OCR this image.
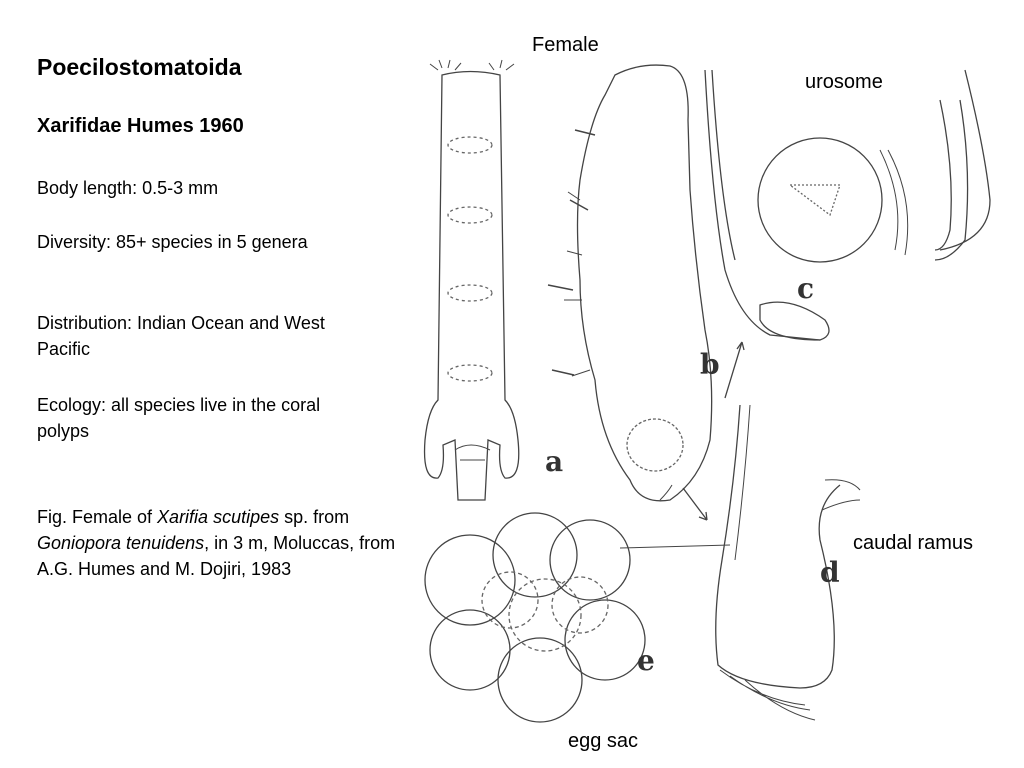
Poecilostomatoida
Xarifidae Humes 1960
Body length: 0.5-3 mm
Diversity: 85+ species in 5 genera
Distribution: Indian Ocean and West Pacific
Ecology: all species live in the coral polyps
Fig. Female of Xarifia scutipes sp. from Goniopora tenuidens, in 3 m, Moluccas, from A.G. Humes and M. Dojiri, 1983
Female
urosome
caudal ramus
egg sac
a
b
c
d
e
